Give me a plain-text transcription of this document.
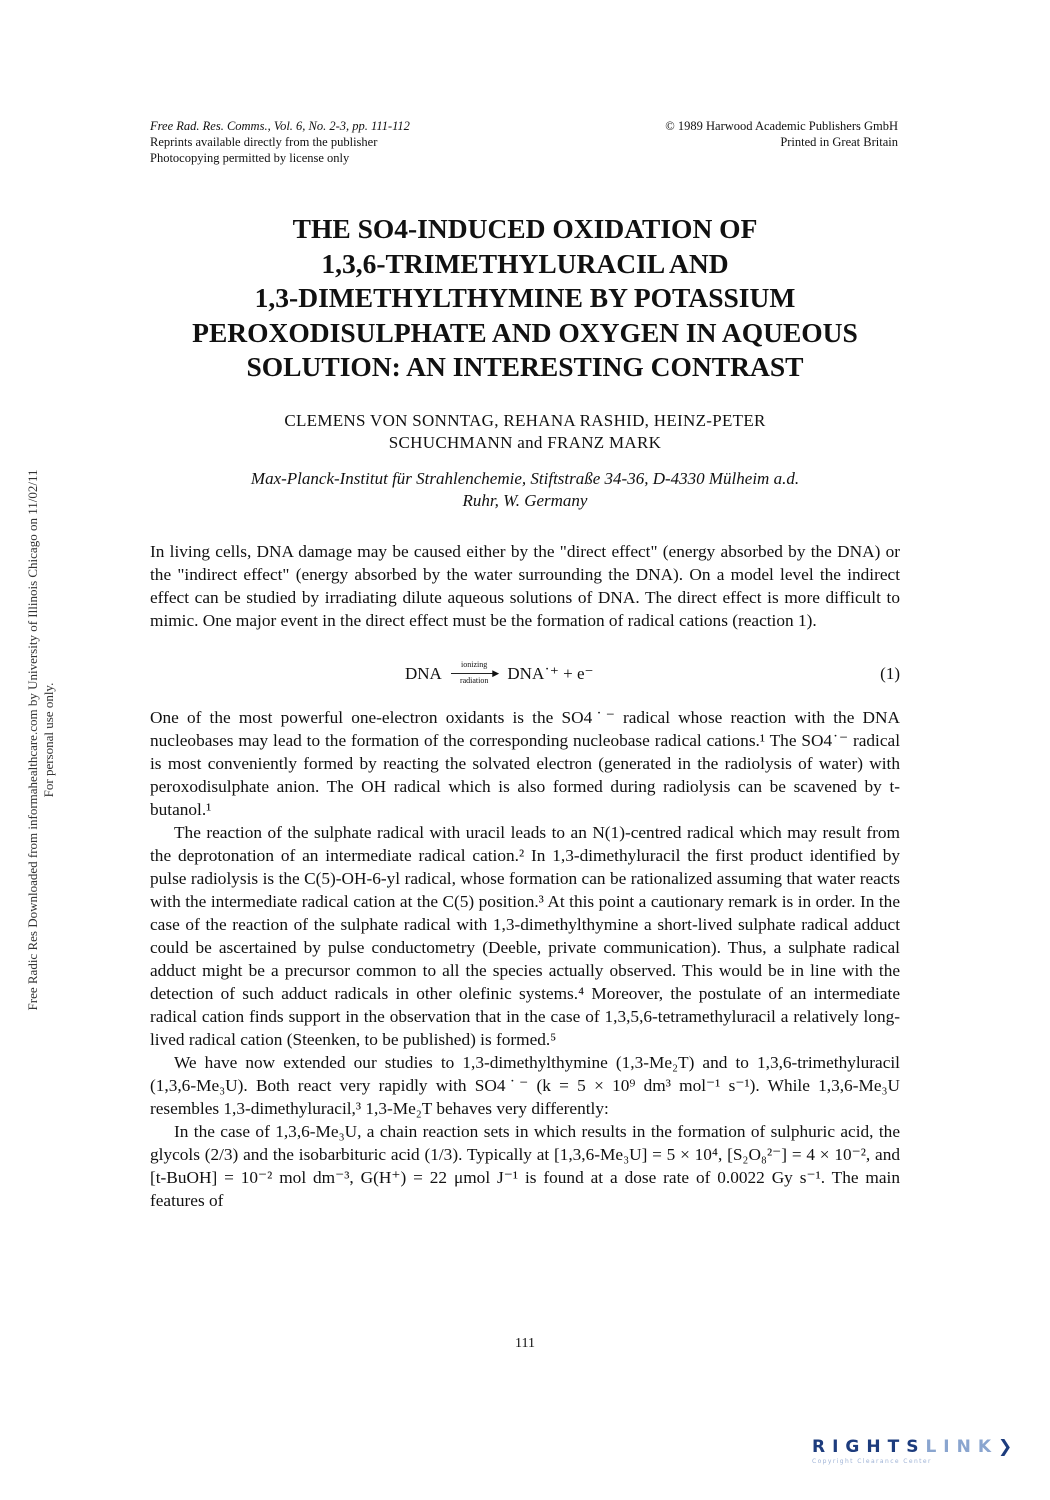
Free Rad. Res. Comms., Vol. 6, No. 2-3, pp. 111-112
Reprints available directly from the publisher
Photocopying permitted by license only
© 1989 Harwood Academic Publishers GmbH
Printed in Great Britain
THE SO4-INDUCED OXIDATION OF
1,3,6-TRIMETHYLURACIL AND
1,3-DIMETHYLTHYMINE BY POTASSIUM
PEROXODISULPHATE AND OXYGEN IN AQUEOUS
SOLUTION: AN INTERESTING CONTRAST
CLEMENS VON SONNTAG, REHANA RASHID, HEINZ-PETER
SCHUCHMANN and FRANZ MARK
Max-Planck-Institut für Strahlenchemie, Stiftstraße 34-36, D-4330 Mülheim a.d.
Ruhr, W. Germany
In living cells, DNA damage may be caused either by the "direct effect" (energy absorbed by the DNA) or the "indirect effect" (energy absorbed by the water surrounding the DNA). On a model level the indirect effect can be studied by irradiating dilute aqueous solutions of DNA. The direct effect is more difficult to mimic. One major event in the direct effect must be the formation of radical cations (reaction 1).
DNA	ionizing
▶
radiation	DNA˙⁺ + e⁻	(1)
One of the most powerful one-electron oxidants is the SO4˙⁻ radical whose reaction with the DNA nucleobases may lead to the formation of the corresponding nucleobase radical cations.¹ The SO4˙⁻ radical is most conveniently formed by reacting the solvated electron (generated in the radiolysis of water) with peroxodisulphate anion. The OH radical which is also formed during radiolysis can be scavened by t-butanol.¹
The reaction of the sulphate radical with uracil leads to an N(1)-centred radical which may result from the deprotonation of an intermediate radical cation.² In 1,3-dimethyluracil the first product identified by pulse radiolysis is the C(5)-OH-6-yl radical, whose formation can be rationalized assuming that water reacts with the intermediate radical cation at the C(5) position.³ At this point a cautionary remark is in order. In the case of the reaction of the sulphate radical with 1,3-dimethylthymine a short-lived sulphate radical adduct could be ascertained by pulse conductometry (Deeble, private communication). Thus, a sulphate radical adduct might be a precursor common to all the species actually observed. This would be in line with the detection of such adduct radicals in other olefinic systems.⁴ Moreover, the postulate of an intermediate radical cation finds support in the observation that in the case of 1,3,5,6-tetramethyluracil a relatively long-lived radical cation (Steenken, to be published) is formed.⁵
We have now extended our studies to 1,3-dimethylthymine (1,3-Me₂T) and to 1,3,6-trimethyluracil (1,3,6-Me₃U). Both react very rapidly with SO4˙⁻ (k = 5 × 10⁹ dm³ mol⁻¹ s⁻¹). While 1,3,6-Me₃U resembles 1,3-dimethyluracil,³ 1,3-Me₂T behaves very differently:
In the case of 1,3,6-Me₃U, a chain reaction sets in which results in the formation of sulphuric acid, the glycols (2/3) and the isobarbituric acid (1/3). Typically at [1,3,6-Me₃U] = 5 × 10⁴, [S₂O₈²⁻] = 4 × 10⁻², and [t-BuOH] = 10⁻² mol dm⁻³, G(H⁺) = 22 μmol J⁻¹ is found at a dose rate of 0.0022 Gy s⁻¹. The main features of
111
Free Radic Res Downloaded from informahealthcare.com by University of Illinois Chicago on 11/02/11 For personal use only.
RIGHTSLINK❯
Copyright Clearance Center
